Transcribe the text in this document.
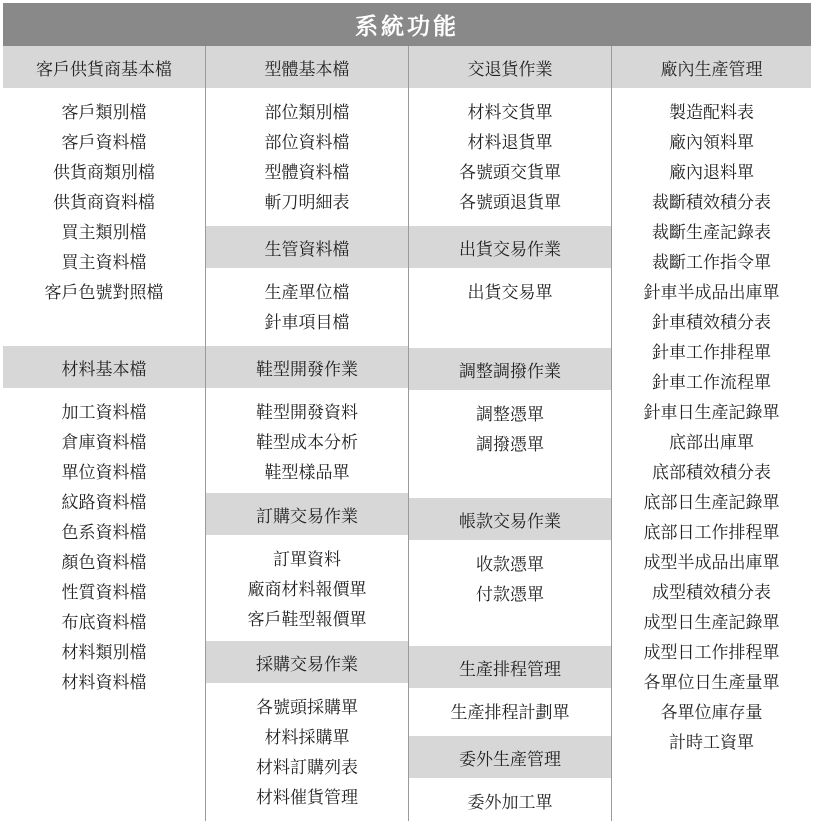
系統功能
客戶供貨商基本檔
客戶類別檔
客戶資料檔
供貨商類別檔
供貨商資料檔
買主類別檔
買主資料檔
客戶色號對照檔
材料基本檔
加工資料檔
倉庫資料檔
單位資料檔
紋路資料檔
色系資料檔
顏色資料檔
性質資料檔
布底資料檔
材料類別檔
材料資料檔
型體基本檔
部位類別檔
部位資料檔
型體資料檔
斬刀明細表
生管資料檔
生產單位檔
針車項目檔
鞋型開發作業
鞋型開發資料
鞋型成本分析
鞋型樣品單
訂購交易作業
訂單資料
廠商材料報價單
客戶鞋型報價單
採購交易作業
各號頭採購單
材料採購單
材料訂購列表
材料催貨管理
交退貨作業
材料交貨單
材料退貨單
各號頭交貨單
各號頭退貨單
出貨交易作業
出貨交易單
調整調撥作業
調整憑單
調撥憑單
帳款交易作業
收款憑單
付款憑單
生產排程管理
生產排程計劃單
委外生產管理
委外加工單
廠內生產管理
製造配料表
廠內領料單
廠內退料單
裁斷積效積分表
裁斷生產記錄表
裁斷工作指令單
針車半成品出庫單
針車積效積分表
針車工作排程單
針車工作流程單
針車日生產記錄單
底部出庫單
底部積效積分表
底部日生產記錄單
底部日工作排程單
成型半成品出庫單
成型積效積分表
成型日生產記錄單
成型日工作排程單
各單位日生產量單
各單位庫存量
計時工資單
